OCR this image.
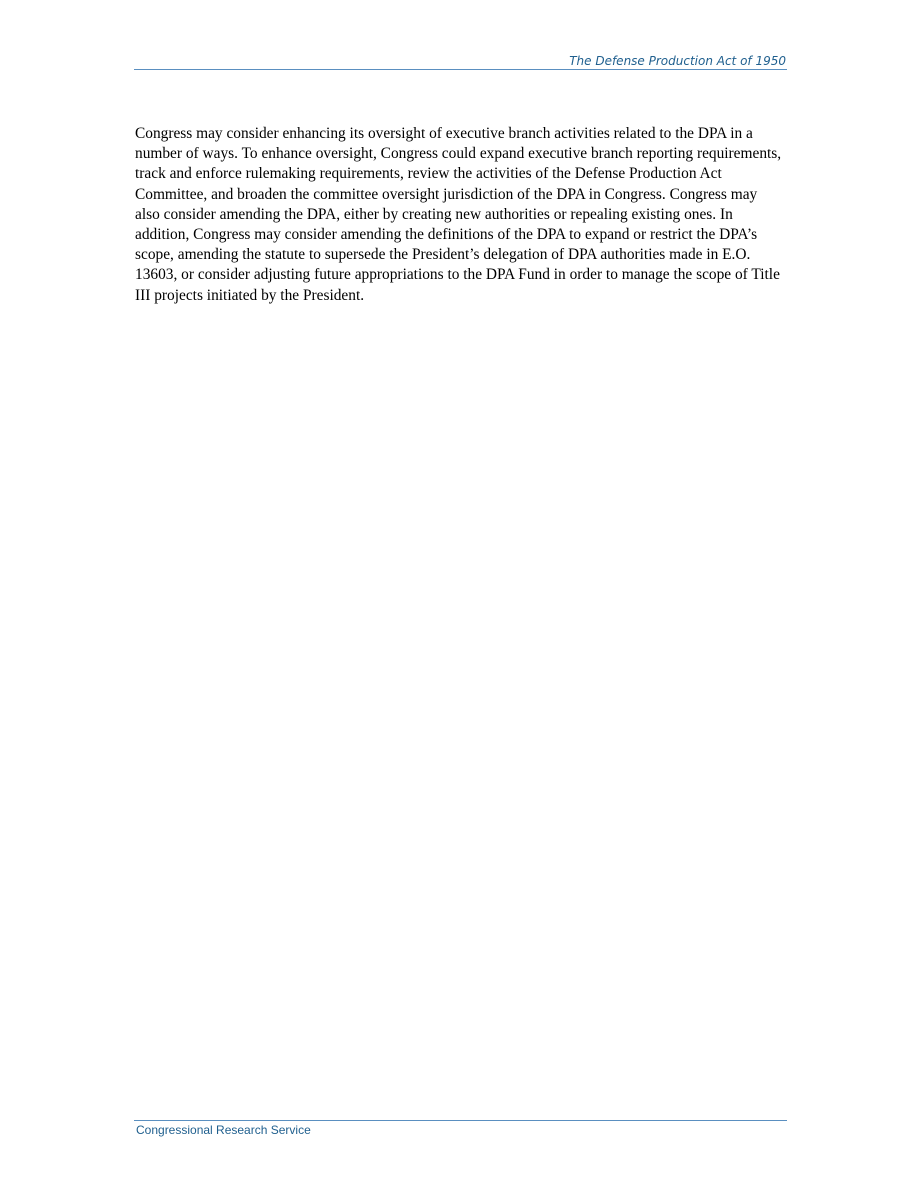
The Defense Production Act of 1950

Congress may consider enhancing its oversight of executive branch activities related to the DPA in a number of ways. To enhance oversight, Congress could expand executive branch reporting requirements, track and enforce rulemaking requirements, review the activities of the Defense Production Act Committee, and broaden the committee oversight jurisdiction of the DPA in Congress. Congress may also consider amending the DPA, either by creating new authorities or repealing existing ones. In addition, Congress may consider amending the definitions of the DPA to expand or restrict the DPA’s scope, amending the statute to supersede the President’s delegation of DPA authorities made in E.O. 13603, or consider adjusting future appropriations to the DPA Fund in order to manage the scope of Title III projects initiated by the President.

Congressional Research Service
